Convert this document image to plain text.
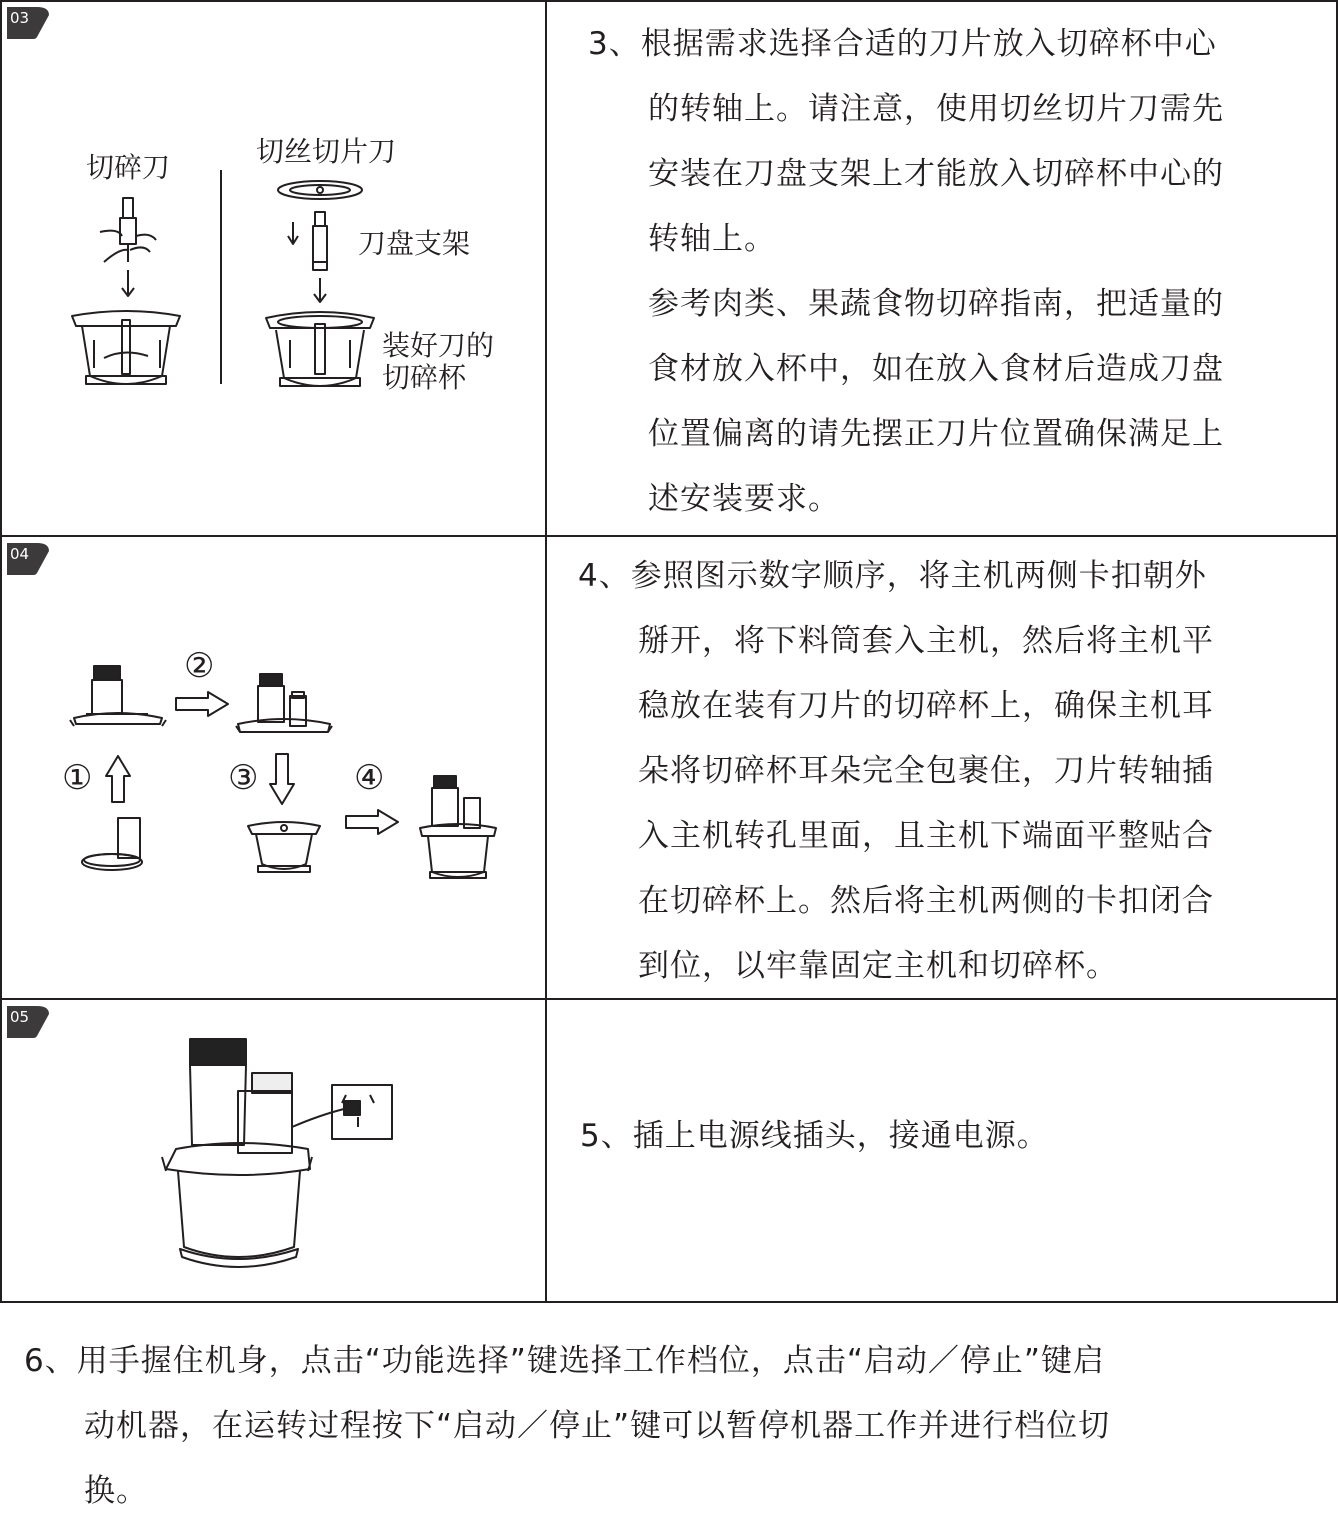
03
切碎刀	切丝切片刀
刀盘支架
装好刀的
切碎杯
3、根据需求选择合适的刀片放入切碎杯中心
的转轴上。请注意，使用切丝切片刀需先
安装在刀盘支架上才能放入切碎杯中心的
转轴上。
参考肉类、果蔬食物切碎指南，把适量的
食材放入杯中，如在放入食材后造成刀盘
位置偏离的请先摆正刀片位置确保满足上
述安装要求。
04
①
②
③	④
4、参照图示数字顺序，将主机两侧卡扣朝外
掰开，将下料筒套入主机，然后将主机平
稳放在装有刀片的切碎杯上，确保主机耳
朵将切碎杯耳朵完全包裹住，刀片转轴插
入主机转孔里面，且主机下端面平整贴合
在切碎杯上。然后将主机两侧的卡扣闭合
到位，以牢靠固定主机和切碎杯。
05
5、插上电源线插头，接通电源。
6、用手握住机身，点击“功能选择”键选择工作档位，点击“启动／停止”键启
动机器，在运转过程按下“启动／停止”键可以暂停机器工作并进行档位切
换。
